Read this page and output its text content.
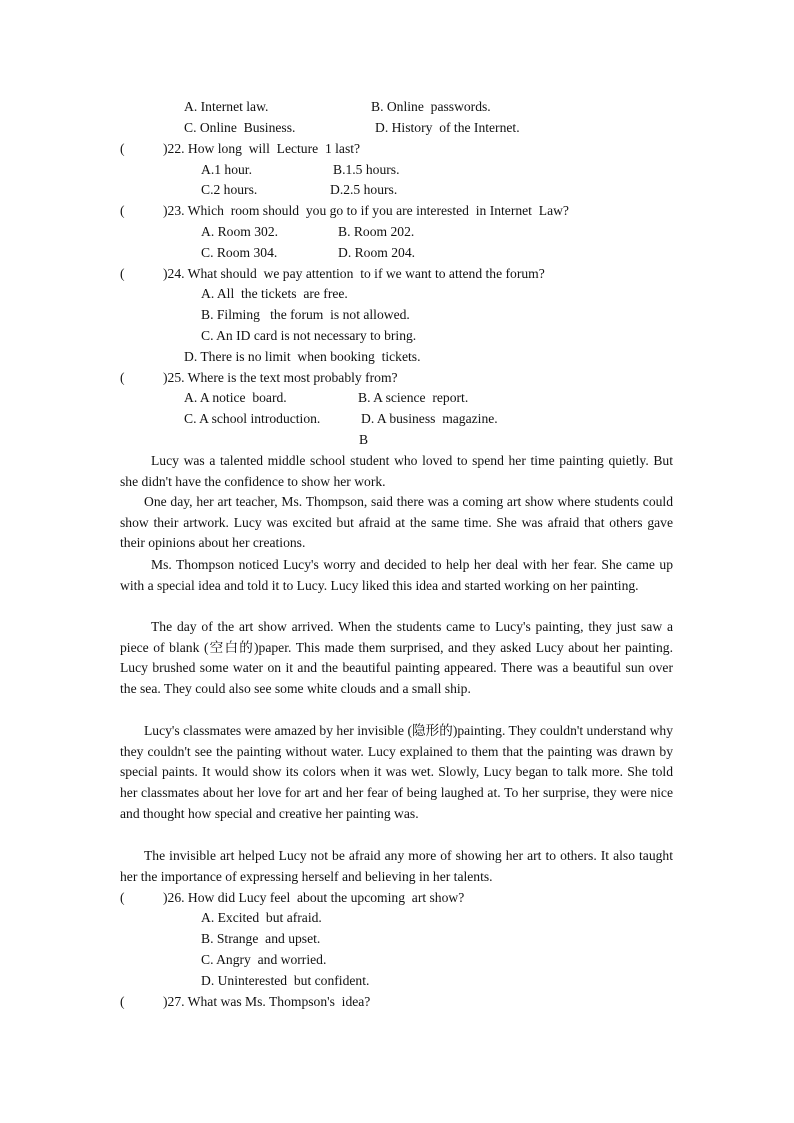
A. Internet law.	B. Online  passwords.
C. Online  Business.	D. History  of the Internet.
(	)22. How long  will  Lecture  1 last?
A.1 hour.	B.1.5 hours.
C.2 hours.	D.2.5 hours.
(	)23. Which  room should  you go to if you are interested  in Internet  Law?
A. Room 302.	B. Room 202.
C. Room 304.	D. Room 204.
(	)24. What should  we pay attention  to if we want to attend the forum?
A. All  the tickets  are free.
B. Filming   the forum  is not allowed.
C. An ID card is not necessary to bring.
D. There is no limit  when booking  tickets.
(	)25. Where is the text most probably from?
A. A notice  board.	B. A science  report.
C. A school introduction.	D. A business  magazine.
B
Lucy was a talented middle school student who loved to spend her time painting quietly. But she didn't have the confidence to show her work.
One day, her art teacher, Ms. Thompson, said there was a coming art show where students could show their artwork. Lucy was excited but afraid at the same time. She was afraid that others gave their opinions about her creations.
Ms. Thompson noticed Lucy's worry and decided to help her deal with her fear. She came up with a special idea and told it to Lucy. Lucy liked this idea and started working on her painting.
The day of the art show arrived. When the students came to Lucy's painting, they just saw a piece of blank (空白的)paper. This made them surprised, and they asked Lucy about her painting. Lucy brushed some water on it and the beautiful painting appeared. There was a beautiful sun over the sea. They could also see some white clouds and a small ship.
Lucy's classmates were amazed by her invisible (隐形的)painting. They couldn't understand why they couldn't see the painting without water. Lucy explained to them that the painting was drawn by special paints. It would show its colors when it was wet. Slowly, Lucy began to talk more. She told her classmates about her love for art and her fear of being laughed at. To her surprise, they were nice and thought how special and creative her painting was.
The invisible art helped Lucy not be afraid any more of showing her art to others. It also taught her the importance of expressing herself and believing in her talents.
(	)26. How did Lucy feel  about the upcoming  art show?
A. Excited  but afraid.
B. Strange  and upset.
C. Angry  and worried.
D. Uninterested  but confident.
(	)27. What was Ms. Thompson's  idea?
